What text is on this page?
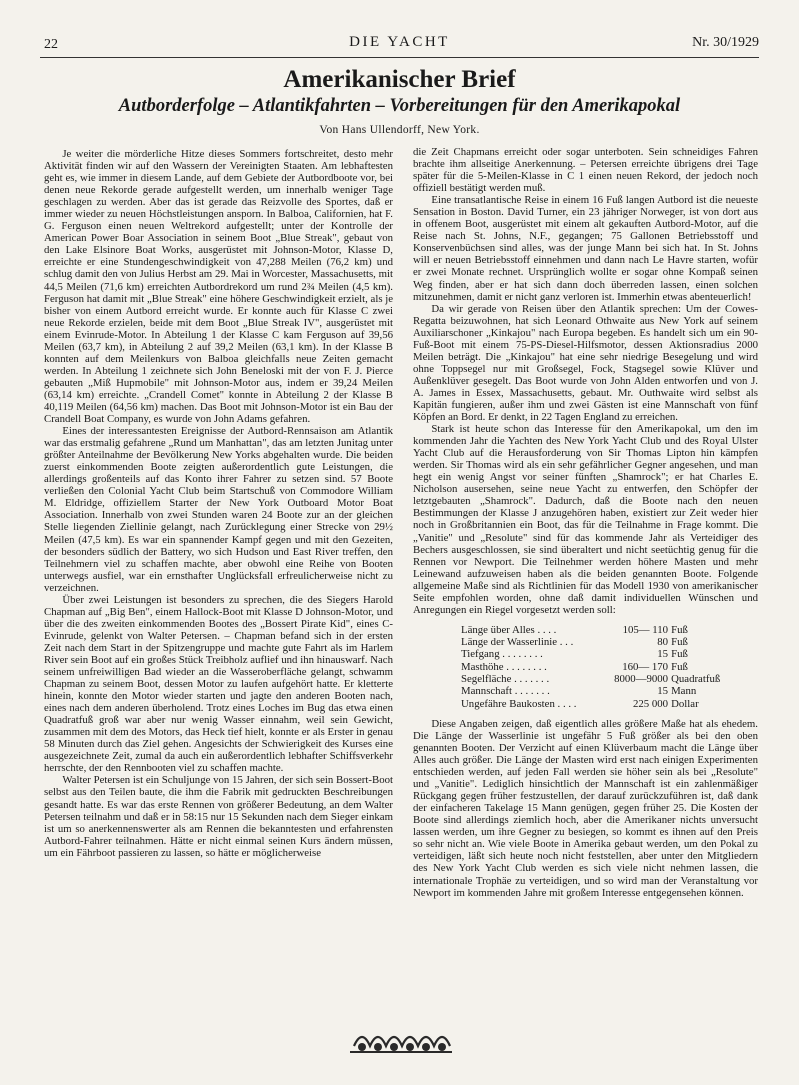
22	DIE YACHT	Nr. 30/1929
Amerikanischer Brief
Autborderfolge – Atlantikfahrten – Vorbereitungen für den Amerikapokal
Von Hans Ullendorff, New York.

Je weiter die mörderliche Hitze dieses Sommers fortschreitet, desto mehr Aktivität finden wir auf den Wassern der Vereinigten Staaten. Am lebhaftesten geht es, wie immer in diesem Lande, auf dem Gebiete der Autbordboote vor, bei denen neue Rekorde gerade aufgestellt werden, um innerhalb weniger Tage geschlagen zu werden. Aber das ist gerade das Reizvolle des Sportes, daß er immer wieder zu neuen Höchstleistungen ansporn. In Balboa, Californien, hat F. G. Ferguson einen neuen Weltrekord aufgestellt; unter der Kontrolle der American Power Boar Association in seinem Boot „Blue Streak", gebaut von den Lake Elsinore Boat Works, ausgerüstet mit Johnson-Motor, Klasse D, erreichte er eine Stundengeschwindigkeit von 47,288 Meilen (76,2 km) und schlug damit den von Julius Herbst am 29. Mai in Worcester, Massachusetts, mit 44,5 Meilen (71,6 km) erreichten Autbordrekord um rund 2¾ Meilen (4,5 km). Ferguson hat damit mit „Blue Streak" eine höhere Geschwindigkeit erzielt, als je bisher von einem Autbord erreicht wurde. Er konnte auch für Klasse C zwei neue Rekorde erzielen, beide mit dem Boot „Blue Streak IV", ausgerüstet mit einem Evinrude-Motor. In Abteilung 1 der Klasse C kam Ferguson auf 39,56 Meilen (63,7 km), in Abteilung 2 auf 39,2 Meilen (63,1 km). In der Klasse B konnten auf dem Meilenkurs von Balboa gleichfalls neue Zeiten gemacht werden. In Abteilung 1 zeichnete sich John Beneloski mit der von F. J. Pierce gebauten „Miß Hupmobile" mit Johnson-Motor aus, indem er 39,24 Meilen (63,14 km) erreichte. „Crandell Comet" konnte in Abteilung 2 der Klasse B 40,119 Meilen (64,56 km) machen. Das Boot mit Johnson-Motor ist ein Bau der Crandell Boat Company, es wurde von John Adams gefahren.

Eines der interessantesten Ereignisse der Autbord-Rennsaison am Atlantik war das erstmalig gefahrene „Rund um Manhattan", das am letzten Junitag unter größter Anteilnahme der Bevölkerung New Yorks abgehalten wurde. Die beiden zuerst einkommenden Boote zeigten außerordentlich gute Leistungen, die allerdings großenteils auf das Konto ihrer Fahrer zu setzen sind. 57 Boote verließen den Colonial Yacht Club beim Startschuß von Commodore William M. Eldridge, offiziellem Starter der New York Outboard Motor Boat Association. Innerhalb von zwei Stunden waren 24 Boote zur an der gleichen Stelle liegenden Ziellinie gelangt, nach Zurücklegung einer Strecke von 29½ Meilen (47,5 km). Es war ein spannender Kampf gegen und mit den Gezeiten, der besonders südlich der Battery, wo sich Hudson und East River treffen, den Teilnehmern viel zu schaffen machte, aber obwohl eine Reihe von Booten unterwegs ausfiel, war ein ernsthafter Unglücksfall erfreulicherweise nicht zu verzeichnen.

Über zwei Leistungen ist besonders zu sprechen, die des Siegers Harold Chapman auf „Big Ben", einem Hallock-Boot mit Klasse D Johnson-Motor, und über die des zweiten einkommenden Bootes des „Bossert Pirate Kid", eines C-Evinrude, gelenkt von Walter Petersen. – Chapman befand sich in der ersten Zeit nach dem Start in der Spitzengruppe und machte gute Fahrt als im Harlem River sein Boot auf ein großes Stück Treibholz auflief und ihn hinauswarf. Nach seinem unfreiwilligen Bad wieder an die Wasseroberfläche gelangt, schwamm Chapman zu seinem Boot, dessen Motor zu laufen aufgehört hatte. Er kletterte hinein, konnte den Motor wieder starten und jagte den anderen Booten nach, eines nach dem anderen überholend. Trotz eines Loches im Bug das etwa einen Quadratfuß groß war aber nur wenig Wasser einnahm, weil sein Gewicht, zusammen mit dem des Motors, das Heck tief hielt, konnte er als Erster in genau 58 Minuten durch das Ziel gehen. Angesichts der Schwierigkeit des Kurses eine ausgezeichnete Zeit, zumal da auch ein außerordentlich lebhafter Schiffsverkehr herrschte, der den Rennbooten viel zu schaffen machte.

Walter Petersen ist ein Schuljunge von 15 Jahren, der sich sein Bossert-Boot selbst aus den Teilen baute, die ihm die Fabrik mit gedruckten Beschreibungen gesandt hatte. Es war das erste Rennen von größerer Bedeutung, an dem Walter Petersen teilnahm und daß er in 58:15 nur 15 Sekunden nach dem Sieger einkam ist um so anerkennenswerter als am Rennen die bekanntesten und erfahrensten Autbord-Fahrer teilnahmen. Hätte er nicht einmal seinen Kurs ändern müssen, um ein Fährboot passieren zu lassen, so hätte er möglicherweise

die Zeit Chapmans erreicht oder sogar unterboten. Sein schneidiges Fahren brachte ihm allseitige Anerkennung. – Petersen erreichte übrigens drei Tage später für die 5-Meilen-Klasse in C 1 einen neuen Rekord, der jedoch noch offiziell bestätigt werden muß.

Eine transatlantische Reise in einem 16 Fuß langen Autbord ist die neueste Sensation in Boston. David Turner, ein 23 jähriger Norweger, ist von dort aus in offenem Boot, ausgerüstet mit einem alt gekauften Autbord-Motor, auf die Reise nach St. Johns, N.F., gegangen; 75 Gallonen Betriebsstoff und Konservenbüchsen sind alles, was der junge Mann bei sich hat. In St. Johns will er neuen Betriebsstoff einnehmen und dann nach Le Havre starten, wofür er zwei Monate rechnet. Ursprünglich wollte er sogar ohne Kompaß seinen Weg finden, aber er hat sich dann doch überreden lassen, einen solchen mitzunehmen, damit er nicht ganz verloren ist. Immerhin etwas abenteuerlich!

Da wir gerade von Reisen über den Atlantik sprechen: Um der Cowes-Regatta beizuwohnen, hat sich Leonard Othwaite aus New York auf seinem Auxiliarschoner „Kinkajou" nach Europa begeben. Es handelt sich um ein 90-Fuß-Boot mit einem 75-PS-Diesel-Hilfsmotor, dessen Aktionsradius 2000 Meilen beträgt. Die „Kinkajou" hat eine sehr niedrige Besegelung und wird ohne Toppsegel nur mit Großsegel, Fock, Stagsegel sowie Klüver und Außenklüver gesegelt. Das Boot wurde von John Alden entworfen und von J. A. James in Essex, Massachusetts, gebaut. Mr. Outhwaite wird selbst als Kapitän fungieren, außer ihm und zwei Gästen ist eine Mannschaft von fünf Köpfen an Bord. Er denkt, in 22 Tagen England zu erreichen.

Stark ist heute schon das Interesse für den Amerikapokal, um den im kommenden Jahr die Yachten des New York Yacht Club und des Royal Ulster Yacht Club auf die Herausforderung von Sir Thomas Lipton hin kämpfen werden. Sir Thomas wird als ein sehr gefährlicher Gegner angesehen, und man hegt ein wenig Angst vor seiner fünften „Shamrock"; er hat Charles E. Nicholson ausersehen, seine neue Yacht zu entwerfen, den Schöpfer der letztgebauten „Shamrock". Dadurch, daß die Boote nach den neuen Bestimmungen der Klasse J anzugehören haben, existiert zur Zeit weder hier noch in Großbritannien ein Boot, das für die Teilnahme in Frage kommt. Die „Vanitie" und „Resolute" sind für das kommende Jahr als Verteidiger des Bechers ausgeschlossen, sie sind überaltert und nicht seetüchtig genug für die Rennen vor Newport. Die Teilnehmer werden höhere Masten und mehr Leinewand aufzuweisen haben als die beiden genannten Boote. Folgende allgemeine Maße sind als Richtlinien für das Modell 1930 von amerikanischer Seite empfohlen worden, ohne daß damit individuellen Wünschen und Anregungen ein Riegel vorgesetzt werden soll:

Länge über Alles . . . .	105— 110	Fuß
Länge der Wasserlinie . . .	80	Fuß
Tiefgang . . . . . . . .	15	Fuß
Masthöhe . . . . . . . .	160— 170	Fuß
Segelfläche . . . . . . .	8000—9000	Quadratfuß
Mannschaft . . . . . . .	15	Mann
Ungefähre Baukosten . . . .	225 000	Dollar

Diese Angaben zeigen, daß eigentlich alles größere Maße hat als ehedem. Die Länge der Wasserlinie ist ungefähr 5 Fuß größer als bei den oben genannten Booten. Der Verzicht auf einen Klüverbaum macht die Länge über Alles auch größer. Die Länge der Masten wird erst nach einigen Experimenten entschieden werden, auf jeden Fall werden sie höher sein als bei „Resolute" und „Vanitie". Lediglich hinsichtlich der Mannschaft ist ein zahlenmäßiger Rückgang gegen früher festzustellen, der darauf zurückzuführen ist, daß dank der einfacheren Takelage 15 Mann genügen, gegen früher 25. Die Kosten der Boote sind allerdings ziemlich hoch, aber die Amerikaner nichts unversucht lassen werden, um ihre Gegner zu besiegen, so kommt es ihnen auf den Preis so sehr nicht an. Wie viele Boote in Amerika gebaut werden, um den Pokal zu verteidigen, läßt sich heute noch nicht feststellen, aber unter den Mitgliedern des New York Yacht Club werden es sich viele nicht nehmen lassen, die internationale Trophäe zu verteidigen, und so wird man der Veranstaltung vor Newport im kommenden Jahre mit großem Interesse entgegensehen können.
